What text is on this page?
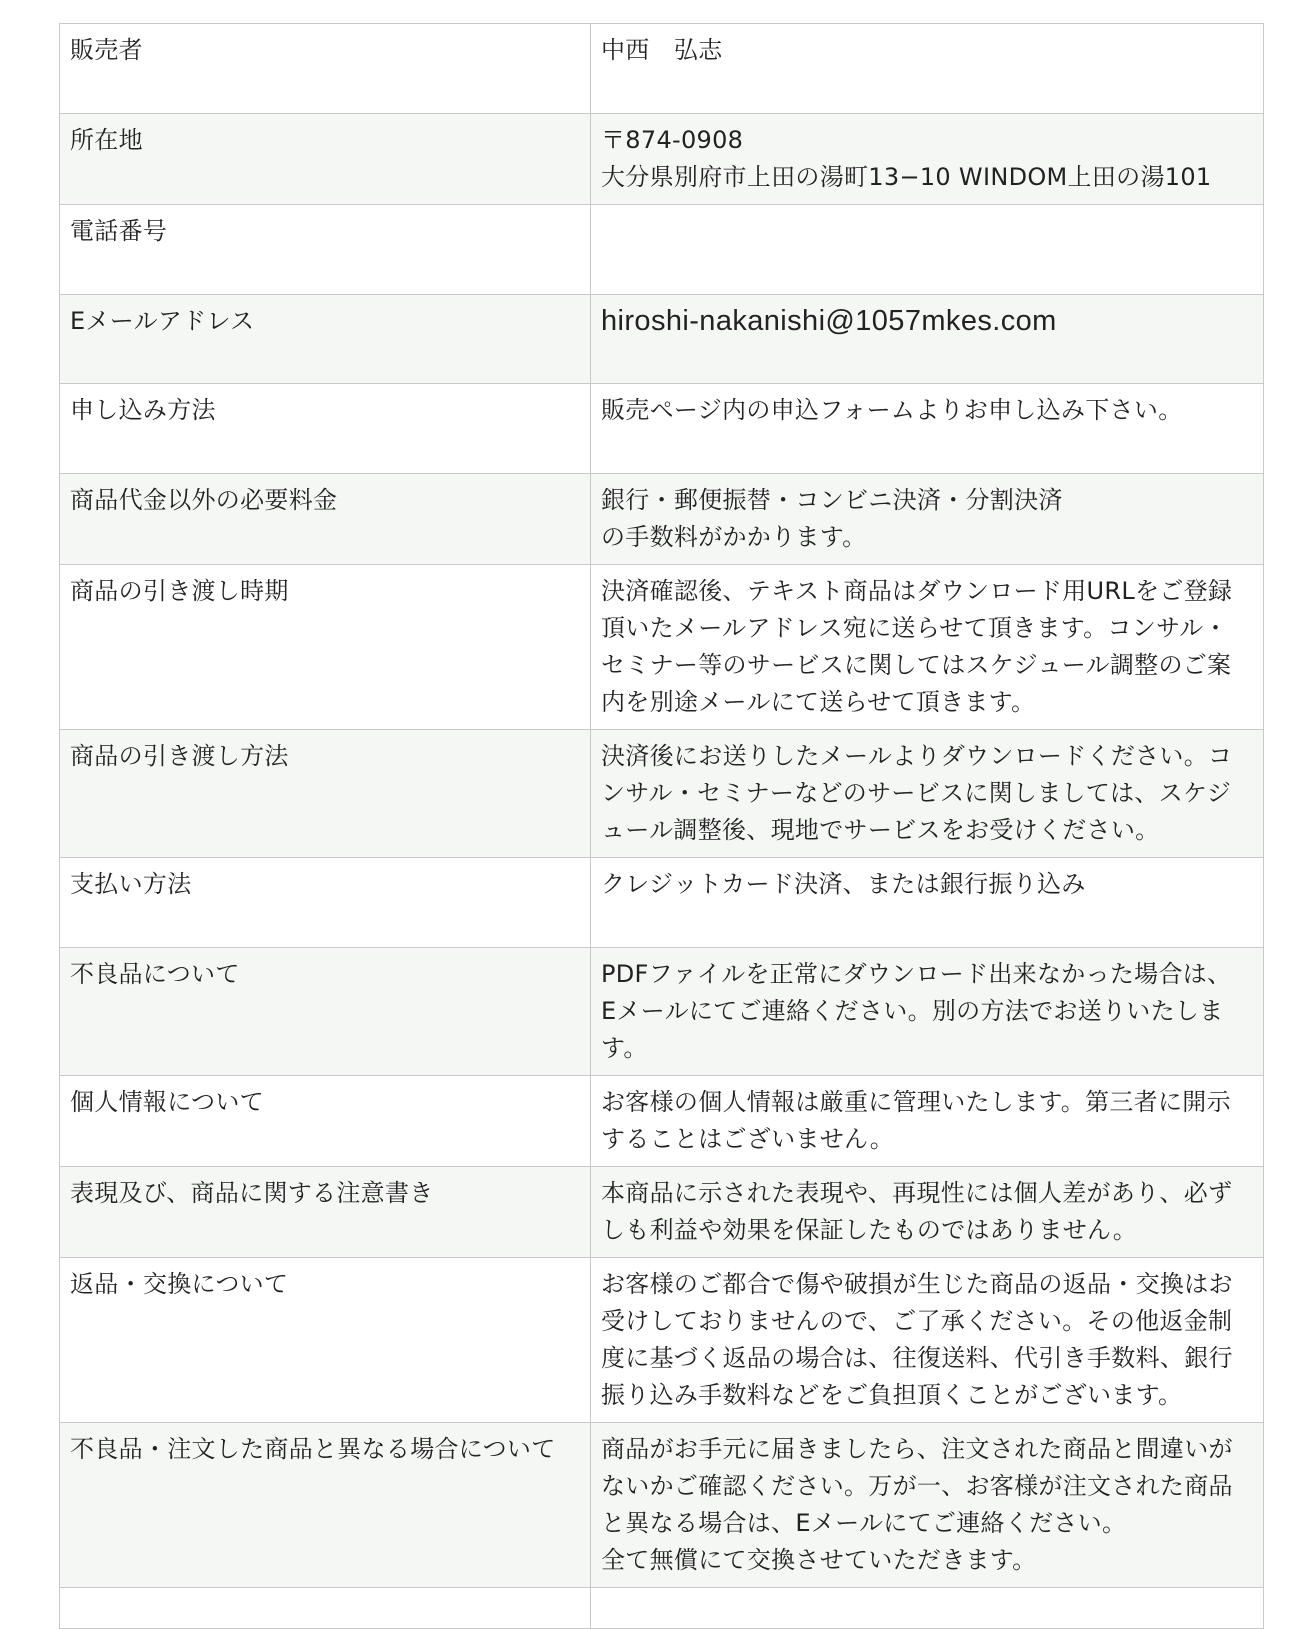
販売者	中西　弘志

所在地	〒874-0908
大分県別府市上田の湯町13−10 WINDOM上田の湯101

電話番号	

Eメールアドレス	hiroshi-nakanishi@1057mkes.com

申し込み方法	販売ページ内の申込フォームよりお申し込み下さい。

商品代金以外の必要料金	銀行・郵便振替・コンビニ決済・分割決済
の手数料がかかります。

商品の引き渡し時期	決済確認後、テキスト商品はダウンロード用URLをご登録
頂いたメールアドレス宛に送らせて頂きます。コンサル・
セミナー等のサービスに関してはスケジュール調整のご案
内を別途メールにて送らせて頂きます。

商品の引き渡し方法	決済後にお送りしたメールよりダウンロードください。コ
ンサル・セミナーなどのサービスに関しましては、スケジ
ュール調整後、現地でサービスをお受けください。

支払い方法	クレジットカード決済、または銀行振り込み

不良品について	PDFファイルを正常にダウンロード出来なかった場合は、
Eメールにてご連絡ください。別の方法でお送りいたしま
す。

個人情報について	お客様の個人情報は厳重に管理いたします。第三者に開示
することはございません。

表現及び、商品に関する注意書き	本商品に示された表現や、再現性には個人差があり、必ず
しも利益や効果を保証したものではありません。

返品・交換について	お客様のご都合で傷や破損が生じた商品の返品・交換はお
受けしておりませんので、ご了承ください。その他返金制
度に基づく返品の場合は、往復送料、代引き手数料、銀行
振り込み手数料などをご負担頂くことがございます。

不良品・注文した商品と異なる場合について	商品がお手元に届きましたら、注文された商品と間違いが
ないかご確認ください。万が一、お客様が注文された商品
と異なる場合は、Eメールにてご連絡ください。
全て無償にて交換させていただきます。
